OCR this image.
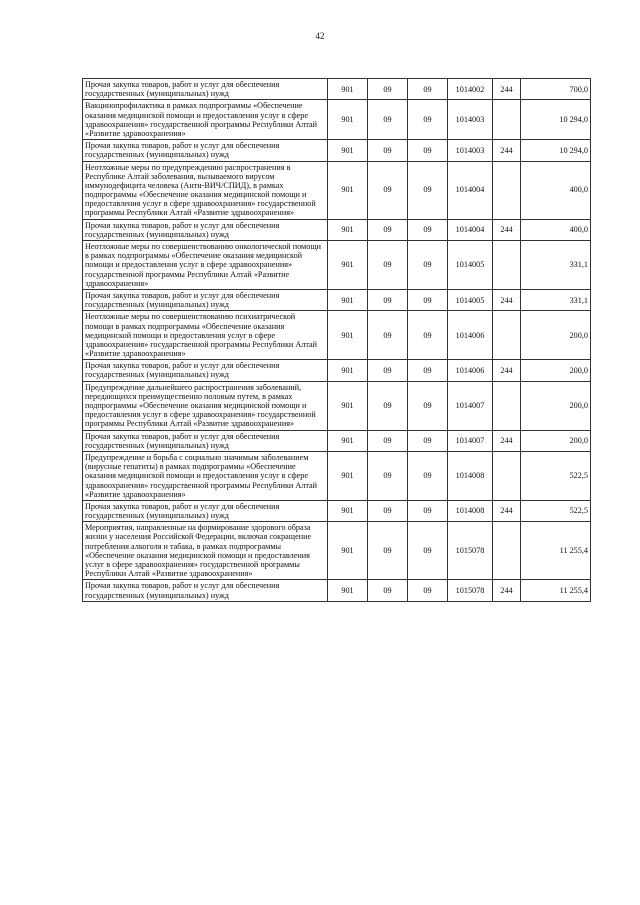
42
Прочая закупка товаров, работ и услуг для обеспечения государственных (муниципальных) нужд	901	09	09	1014002	244	700,0
Вакцинопрофилактика в рамках подпрограммы «Обеспечение оказания медицинской помощи и предоставления услуг в сфере здравоохранения» государственной программы Республики Алтай «Развитие здравоохранения»	901	09	09	1014003		10 294,0
Прочая закупка товаров, работ и услуг для обеспечения государственных (муниципальных) нужд	901	09	09	1014003	244	10 294,0
Неотложные меры по предупреждению распространения в Республике Алтай заболевания, вызываемого вирусом иммунодефицита человека (Анти-ВИЧ/СПИД), в рамках подпрограммы «Обеспечение оказания медицинской помощи и предоставления услуг в сфере здравоохранения» государственной программы Республики Алтай «Развитие здравоохранения»	901	09	09	1014004		400,0
Прочая закупка товаров, работ и услуг для обеспечения государственных (муниципальных) нужд	901	09	09	1014004	244	400,0
Неотложные меры по совершенствованию онкологической помощи в рамках подпрограммы «Обеспечение оказания медицинской помощи и предоставления услуг в сфере здравоохранения» государственной программы Республики Алтай «Развитие здравоохранения»	901	09	09	1014005		331,1
Прочая закупка товаров, работ и услуг для обеспечения государственных (муниципальных) нужд	901	09	09	1014005	244	331,1
Неотложные меры по совершенствованию психиатрической помощи в рамках подпрограммы «Обеспечение оказания медицинской помощи и предоставления услуг в сфере здравоохранения» государственной программы Республики Алтай «Развитие здравоохранения»	901	09	09	1014006		200,0
Прочая закупка товаров, работ и услуг для обеспечения государственных (муниципальных) нужд	901	09	09	1014006	244	200,0
Предупреждение дальнейшего распространения заболеваний, передающихся преимущественно половым путем, в рамках подпрограммы «Обеспечение оказания медицинской помощи и предоставления услуг в сфере здравоохранения» государственной программы Республики Алтай «Развитие здравоохранения»	901	09	09	1014007		200,0
Прочая закупка товаров, работ и услуг для обеспечения государственных (муниципальных) нужд	901	09	09	1014007	244	200,0
Предупреждение и борьба с социально значимым заболеванием (вирусные гепатиты) в рамках подпрограммы «Обеспечение оказания медицинской помощи и предоставления услуг в сфере здравоохранения» государственной программы Республики Алтай «Развитие здравоохранения»	901	09	09	1014008		522,5
Прочая закупка товаров, работ и услуг для обеспечения государственных (муниципальных) нужд	901	09	09	1014008	244	522,5
Мероприятия, направленные на формирование здорового образа жизни у населения Российской Федерации, включая сокращение потребления алкоголя и табака, в рамках подпрограммы «Обеспечение оказания медицинской помощи и предоставления услуг в сфере здравоохранения» государственной программы Республики Алтай «Развитие здравоохранения»	901	09	09	1015078		11 255,4
Прочая закупка товаров, работ и услуг для обеспечения государственных (муниципальных) нужд	901	09	09	1015078	244	11 255,4
